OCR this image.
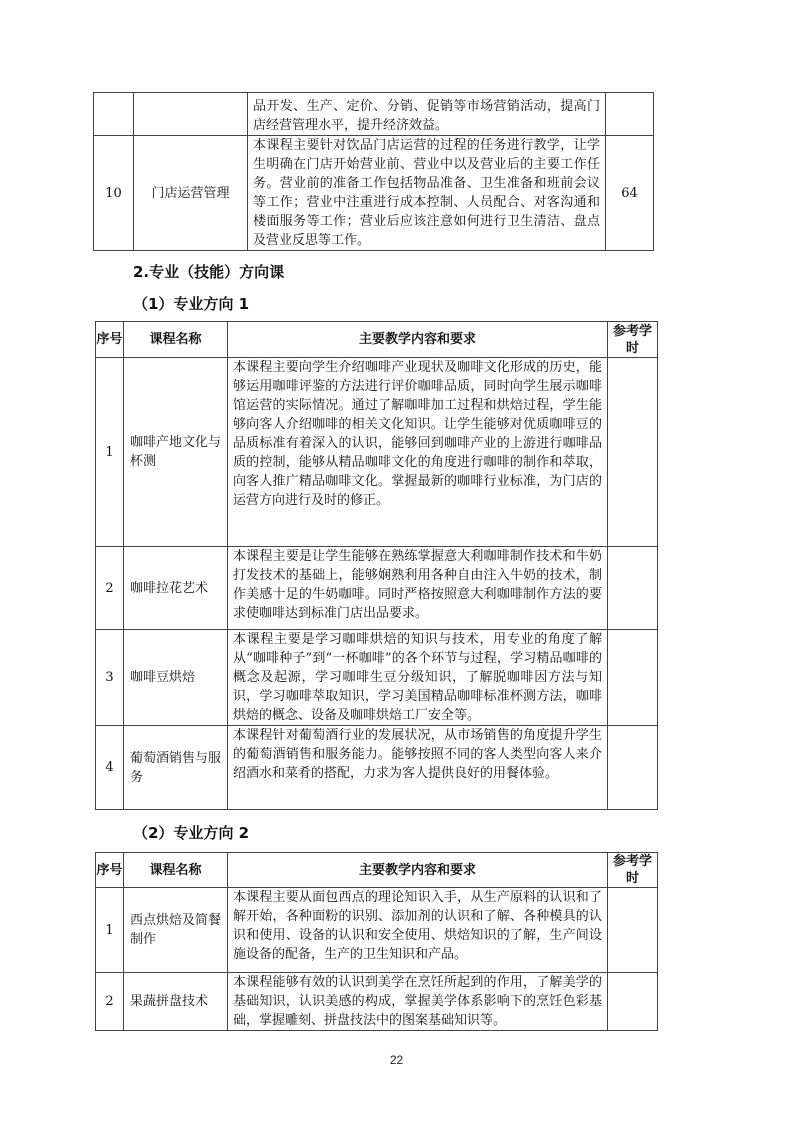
		品开发、生产、定价、分销、促销等市场营销活动，提高门店经营管理水平，提升经济效益。	
10	门店运营管理	本课程主要针对饮品门店运营的过程的任务进行教学，让学生明确在门店开始营业前、营业中以及营业后的主要工作任务。营业前的准备工作包括物品准备、卫生准备和班前会议等工作；营业中注重进行成本控制、人员配合、对客沟通和楼面服务等工作；营业后应该注意如何进行卫生清洁、盘点及营业反思等工作。	64
2.专业（技能）方向课
（1）专业方向 1
序号	课程名称	主要教学内容和要求	参考学时
1	咖啡产地文化与杯测	本课程主要向学生介绍咖啡产业现状及咖啡文化形成的历史，能够运用咖啡评鉴的方法进行评价咖啡品质，同时向学生展示咖啡馆运营的实际情况。通过了解咖啡加工过程和烘焙过程，学生能够向客人介绍咖啡的相关文化知识。让学生能够对优质咖啡豆的品质标准有着深入的认识，能够回到咖啡产业的上游进行咖啡品质的控制，能够从精品咖啡文化的角度进行咖啡的制作和萃取，向客人推广精品咖啡文化。掌握最新的咖啡行业标准，为门店的运营方向进行及时的修正。	
2	咖啡拉花艺术	本课程主要是让学生能够在熟练掌握意大利咖啡制作技术和牛奶打发技术的基础上，能够娴熟利用各种自由注入牛奶的技术，制作美感十足的牛奶咖啡。同时严格按照意大利咖啡制作方法的要求使咖啡达到标准门店出品要求。	
3	咖啡豆烘焙	本课程主要是学习咖啡烘焙的知识与技术，用专业的角度了解从“咖啡种子”到“一杯咖啡”的各个环节与过程，学习精品咖啡的概念及起源，学习咖啡生豆分级知识，了解脱咖啡因方法与知识，学习咖啡萃取知识，学习美国精品咖啡标准杯测方法，咖啡烘焙的概念、设备及咖啡烘焙工厂安全等。	
4	葡萄酒销售与服务	本课程针对葡萄酒行业的发展状况，从市场销售的角度提升学生的葡萄酒销售和服务能力。能够按照不同的客人类型向客人来介绍酒水和菜肴的搭配，力求为客人提供良好的用餐体验。	
（2）专业方向 2
序号	课程名称	主要教学内容和要求	参考学时
1	西点烘焙及简餐制作	本课程主要从面包西点的理论知识入手，从生产原料的认识和了解开始，各种面粉的识别、添加剂的认识和了解、各种模具的认识和使用、设备的认识和安全使用、烘焙知识的了解，生产间设施设备的配备，生产的卫生知识和产品。	
2	果蔬拼盘技术	本课程能够有效的认识到美学在烹饪所起到的作用，了解美学的基础知识，认识美感的构成，掌握美学体系影响下的烹饪色彩基础，掌握雕刻、拼盘技法中的图案基础知识等。	
22
